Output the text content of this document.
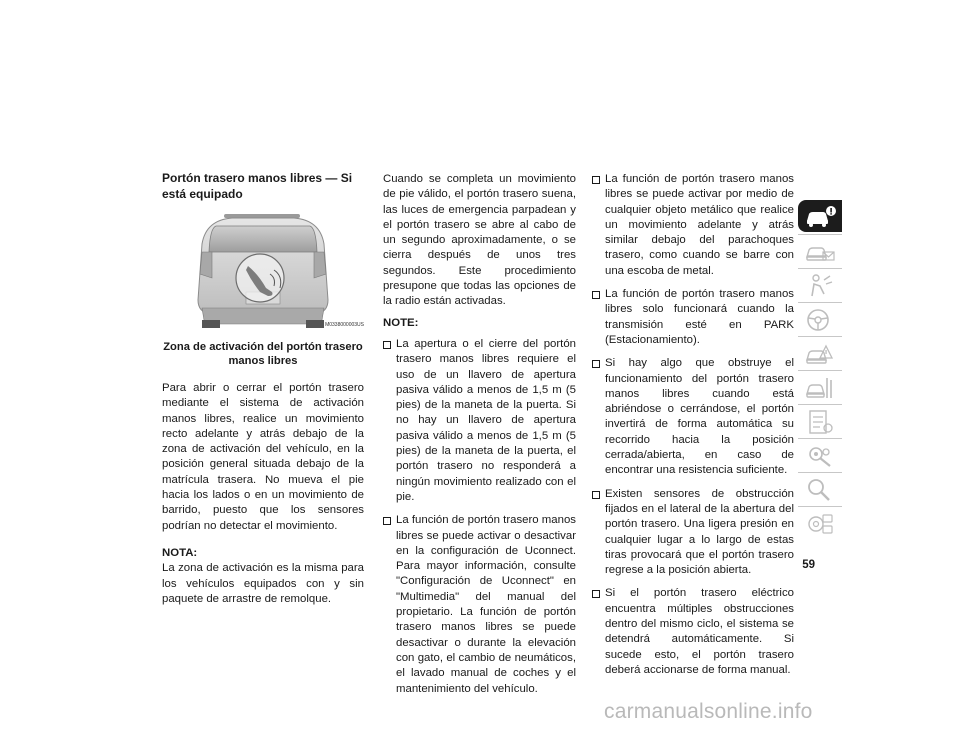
Portón trasero manos libres — Si está equipado
M0338000003US
Zona de activación del portón trasero manos libres

Para abrir o cerrar el portón trasero mediante el sistema de activación manos libres, realice un movimiento recto adelante y atrás debajo de la zona de activación del vehículo, en la posición general situada debajo de la matrícula trasera. No mueva el pie hacia los lados o en un movimiento de barrido, puesto que los sensores podrían no detectar el movimiento.

NOTA:

La zona de activación es la misma para los vehículos equipados con y sin paquete de arrastre de remolque.

Cuando se completa un movimiento de pie válido, el portón trasero suena, las luces de emergencia parpadean y el portón trasero se abre al cabo de un segundo aproximadamente, o se cierra después de unos tres segundos. Este procedimiento presupone que todas las opciones de la radio están activadas.

NOTE:
La apertura o el cierre del portón trasero manos libres requiere el uso de un llavero de apertura pasiva válido a menos de 1,5 m (5 pies) de la maneta de la puerta. Si no hay un llavero de apertura pasiva válido a menos de 1,5 m (5 pies) de la maneta de la puerta, el portón trasero no responderá a ningún movimiento realizado con el pie.
La función de portón trasero manos libres se puede activar o desactivar en la configuración de Uconnect. Para mayor información, consulte "Configuración de Uconnect" en "Multimedia" del manual del propietario. La función de portón trasero manos libres se puede desactivar o durante la elevación con gato, el cambio de neumáticos, el lavado manual de coches y el mantenimiento del vehículo.
La función de portón trasero manos libres se puede activar por medio de cualquier objeto metálico que realice un movimiento adelante y atrás similar debajo del parachoques trasero, como cuando se barre con una escoba de metal.
La función de portón trasero manos libres solo funcionará cuando la transmisión esté en PARK (Estacionamiento).
Si hay algo que obstruye el funcionamiento del portón trasero manos libres cuando está abriéndose o cerrándose, el portón invertirá de forma automática su recorrido hacia la posición cerrada/abierta, en caso de encontrar una resistencia suficiente.
Existen sensores de obstrucción fijados en el lateral de la abertura del portón trasero. Una ligera presión en cualquier lugar a lo largo de estas tiras provocará que el portón trasero regrese a la posición abierta.
Si el portón trasero eléctrico encuentra múltiples obstrucciones dentro del mismo ciclo, el sistema se detendrá automáticamente. Si sucede esto, el portón trasero deberá accionarse de forma manual.
59
carmanualsonline.info
